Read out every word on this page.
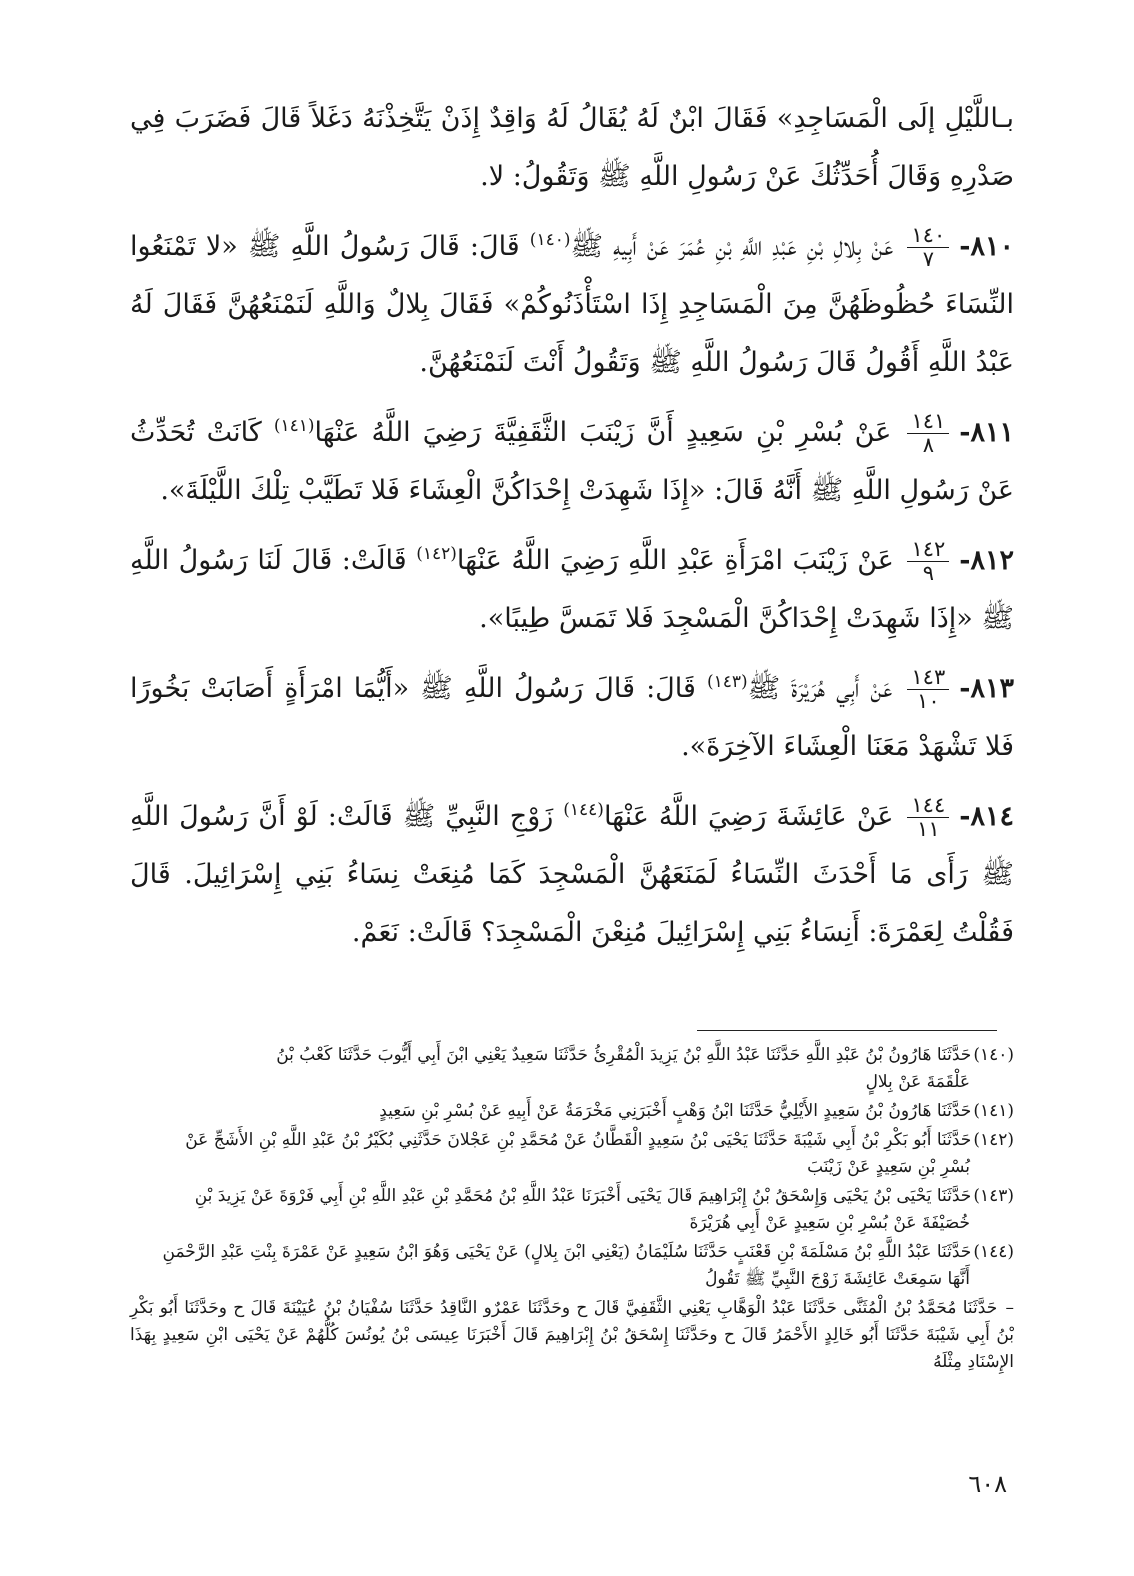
بـاللَّيْلِ إلَى الْمَسَاجِدِ» فَقَالَ ابْنٌ لَهُ يُقَالُ لَهُ وَاقِدٌ إِذَنْ يَتَّخِذْنَهُ دَغَلاً قَالَ فَضَرَبَ فِي صَدْرِهِ وَقَالَ أُحَدِّثُكَ عَنْ رَسُولِ اللَّهِ ﷺ وَتَقُولُ: لا.

٨١٠-
$\frac{١٤٠}{٧}$
عَنْ بِلالِ بْنِ عَبْدِ اللَّهِ بْنِ عُمَرَ عَنْ أَبِيهِ ﷺ$^{(١٤٠)}$ قَالَ: قَالَ رَسُولُ اللَّهِ ﷺ «لا تَمْنَعُوا النِّسَاءَ حُظُوظَهُنَّ مِنَ الْمَسَاجِدِ إِذَا اسْتَأْذَنُوكُمْ» فَقَالَ بِلالٌ وَاللَّهِ لَنَمْنَعُهُنَّ فَقَالَ لَهُ عَبْدُ اللَّهِ أَقُولُ قَالَ رَسُولُ اللَّهِ ﷺ وَتَقُولُ أَنْتَ لَنَمْنَعُهُنَّ.

٨١١-
$\frac{١٤١}{٨}$
عَنْ بُسْرِ بْنِ سَعِيدٍ أَنَّ زَيْنَبَ الثَّقَفِيَّةَ رَضِيَ اللَّهُ عَنْهَا$^{(١٤١)}$ كَانَتْ تُحَدِّثُ عَنْ رَسُولِ اللَّهِ ﷺ أَنَّهُ قَالَ: «إِذَا شَهِدَتْ إِحْدَاكُنَّ الْعِشَاءَ فَلا تَطَيَّبْ تِلْكَ اللَّيْلَةَ».

٨١٢-
$\frac{١٤٢}{٩}$
عَنْ زَيْنَبَ امْرَأَةِ عَبْدِ اللَّهِ رَضِيَ اللَّهُ عَنْهَا$^{(١٤٢)}$ قَالَتْ: قَالَ لَنَا رَسُولُ اللَّهِ ﷺ «إِذَا شَهِدَتْ إِحْدَاكُنَّ الْمَسْجِدَ فَلا تَمَسَّ طِيبًا».

٨١٣-
$\frac{١٤٣}{١٠}$
عَنْ أَبِي هُرَيْرَةَ ﷺ$^{(١٤٣)}$ قَالَ: قَالَ رَسُولُ اللَّهِ ﷺ «أَيُّمَا امْرَأَةٍ أَصَابَتْ بَخُورًا فَلا تَشْهَدْ مَعَنَا الْعِشَاءَ الآخِرَةَ».

٨١٤-
$\frac{١٤٤}{١١}$
عَنْ عَائِشَةَ رَضِيَ اللَّهُ عَنْهَا$^{(١٤٤)}$ زَوْجِ النَّبِيِّ ﷺ قَالَتْ: لَوْ أَنَّ رَسُولَ اللَّهِ ﷺ رَأَى مَا أَحْدَثَ النِّسَاءُ لَمَنَعَهُنَّ الْمَسْجِدَ كَمَا مُنِعَتْ نِسَاءُ بَنِي إِسْرَائِيلَ. قَالَ فَقُلْتُ لِعَمْرَةَ: أَنِسَاءُ بَنِي إِسْرَائِيلَ مُنِعْنَ الْمَسْجِدَ؟ قَالَتْ: نَعَمْ.

(١٤٠)حَدَّثَنَا هَارُونُ بْنُ عَبْدِ اللَّهِ حَدَّثَنَا عَبْدُ اللَّهِ بْنُ يَزِيدَ الْمُقْرِئُ حَدَّثَنَا سَعِيدٌ يَعْنِي ابْنَ أَبِي أَيُّوبَ حَدَّثَنَا كَعْبُ بْنُ
عَلْقَمَةَ عَنْ بِلالٍ

(١٤١)حَدَّثَنَا هَارُونُ بْنُ سَعِيدٍ الأَيْلِيُّ حَدَّثَنَا ابْنُ وَهْبٍ أَخْبَرَنِي مَخْرَمَةُ عَنْ أَبِيهِ عَنْ بُسْرِ بْنِ سَعِيدٍ

(١٤٢)حَدَّثَنَا أَبُو بَكْرِ بْنُ أَبِي شَيْبَةَ حَدَّثَنَا يَحْيَى بْنُ سَعِيدٍ الْقَطَّانُ عَنْ مُحَمَّدِ بْنِ عَجْلانَ حَدَّثَنِي بُكَيْرُ بْنُ عَبْدِ اللَّهِ بْنِ الأَشَجِّ عَنْ
بُسْرِ بْنِ سَعِيدٍ عَنْ زَيْنَبَ

(١٤٣)حَدَّثَنَا يَحْيَى بْنُ يَحْيَى وَإِسْحَقُ بْنُ إِبْرَاهِيمَ قَالَ يَحْيَى أَخْبَرَنَا عَبْدُ اللَّهِ بْنُ مُحَمَّدِ بْنِ عَبْدِ اللَّهِ بْنِ أَبِي فَرْوَةَ عَنْ يَزِيدَ بْنِ
خُصَيْفَةَ عَنْ بُسْرِ بْنِ سَعِيدٍ عَنْ أَبِي هُرَيْرَةَ

(١٤٤)حَدَّثَنَا عَبْدُ اللَّهِ بْنُ مَسْلَمَةَ بْنِ قَعْنَبٍ حَدَّثَنَا سُلَيْمَانُ (يَعْنِي ابْنَ بِلالٍ) عَنْ يَحْيَى وَهُوَ ابْنُ سَعِيدٍ عَنْ عَمْرَةَ بِنْتِ عَبْدِ الرَّحْمَنِ
أَنَّهَا سَمِعَتْ عَائِشَةَ زَوْجَ النَّبِيِّ ﷺ تَقُولُ

– حَدَّثَنَا مُحَمَّدُ بْنُ الْمُثَنَّى حَدَّثَنَا عَبْدُ الْوَهَّابِ يَعْنِي الثَّقَفِيَّ قَالَ ح وحَدَّثَنَا عَمْرٌو النَّاقِدُ حَدَّثَنَا سُفْيَانُ بْنُ عُيَيْنَةَ قَالَ ح وحَدَّثَنَا أَبُو بَكْرِ بْنُ أَبِي شَيْبَةَ حَدَّثَنَا أَبُو خَالِدٍ الأَحْمَرُ قَالَ ح وحَدَّثَنَا إِسْحَقُ بْنُ إِبْرَاهِيمَ قَالَ أَخْبَرَنَا عِيسَى بْنُ يُونُسَ كُلُّهُمْ عَنْ يَحْيَى ابْنِ سَعِيدٍ بِهَذَا الإِسْنَادِ مِثْلَهُ

٦٠٨
